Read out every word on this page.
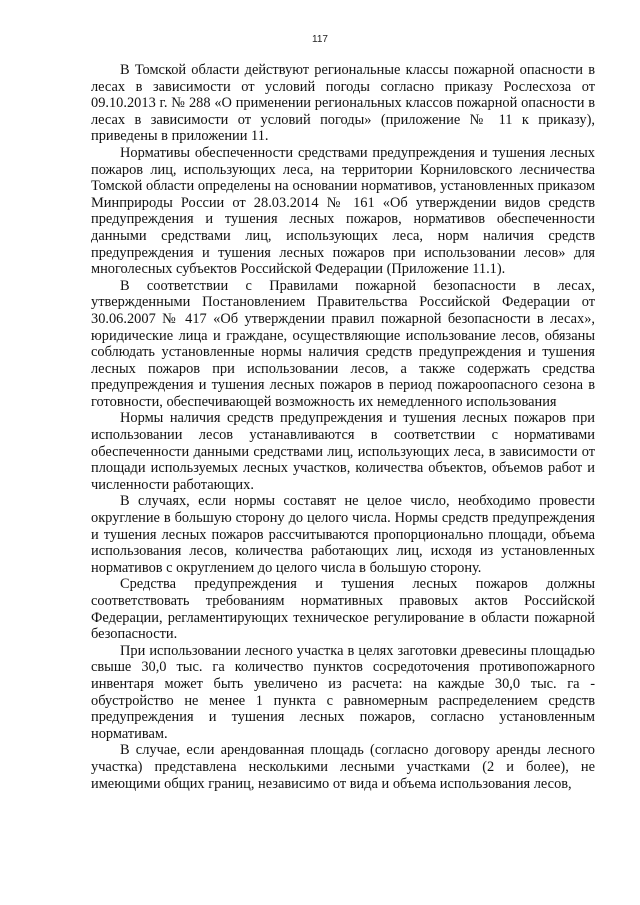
117

В Томской области действуют региональные классы пожарной опасности в лесах в зависимости от условий погоды согласно приказу Рослесхоза от 09.10.2013 г. № 288 «О применении региональных классов пожарной опасности в лесах в зависимости от условий погоды» (приложение № 11 к приказу), приведены в приложении 11.

Нормативы обеспеченности средствами предупреждения и тушения лесных пожаров лиц, использующих леса, на территории Корниловского лесничества Томской области определены на основании нормативов, установленных приказом Минприроды России от 28.03.2014 № 161 «Об утверждении видов средств предупреждения и тушения лесных пожаров, нормативов обеспеченности данными средствами лиц, использующих леса, норм наличия средств предупреждения и тушения лесных пожаров при использовании лесов» для многолесных субъектов Российской Федерации (Приложение 11.1).

В соответствии с Правилами пожарной безопасности в лесах, утвержденными Постановлением Правительства Российской Федерации от 30.06.2007 № 417 «Об утверждении правил пожарной безопасности в лесах», юридические лица и граждане, осуществляющие использование лесов, обязаны соблюдать установленные нормы наличия средств предупреждения и тушения лесных пожаров при использовании лесов, а также содержать средства предупреждения и тушения лесных пожаров в период пожароопасного сезона в готовности, обеспечивающей возможность их немедленного использования

Нормы наличия средств предупреждения и тушения лесных пожаров при использовании лесов устанавливаются в соответствии с нормативами обеспеченности данными средствами лиц, использующих леса, в зависимости от площади используемых лесных участков, количества объектов, объемов работ и численности работающих.

В случаях, если нормы составят не целое число, необходимо провести округление в большую сторону до целого числа. Нормы средств предупреждения и тушения лесных пожаров рассчитываются пропорционально площади, объема использования лесов, количества работающих лиц, исходя из установленных нормативов с округлением до целого числа в большую сторону.

Средства предупреждения и тушения лесных пожаров должны соответствовать требованиям нормативных правовых актов Российской Федерации, регламентирующих техническое регулирование в области пожарной безопасности.

При использовании лесного участка в целях заготовки древесины площадью свыше 30,0 тыс. га количество пунктов сосредоточения противопожарного инвентаря может быть увеличено из расчета: на каждые 30,0 тыс. га - обустройство не менее 1 пункта с равномерным распределением средств предупреждения и тушения лесных пожаров, согласно установленным нормативам.

В случае, если арендованная площадь (согласно договору аренды лесного участка) представлена несколькими лесными участками (2 и более), не имеющими общих границ, независимо от вида и объема использования лесов,
